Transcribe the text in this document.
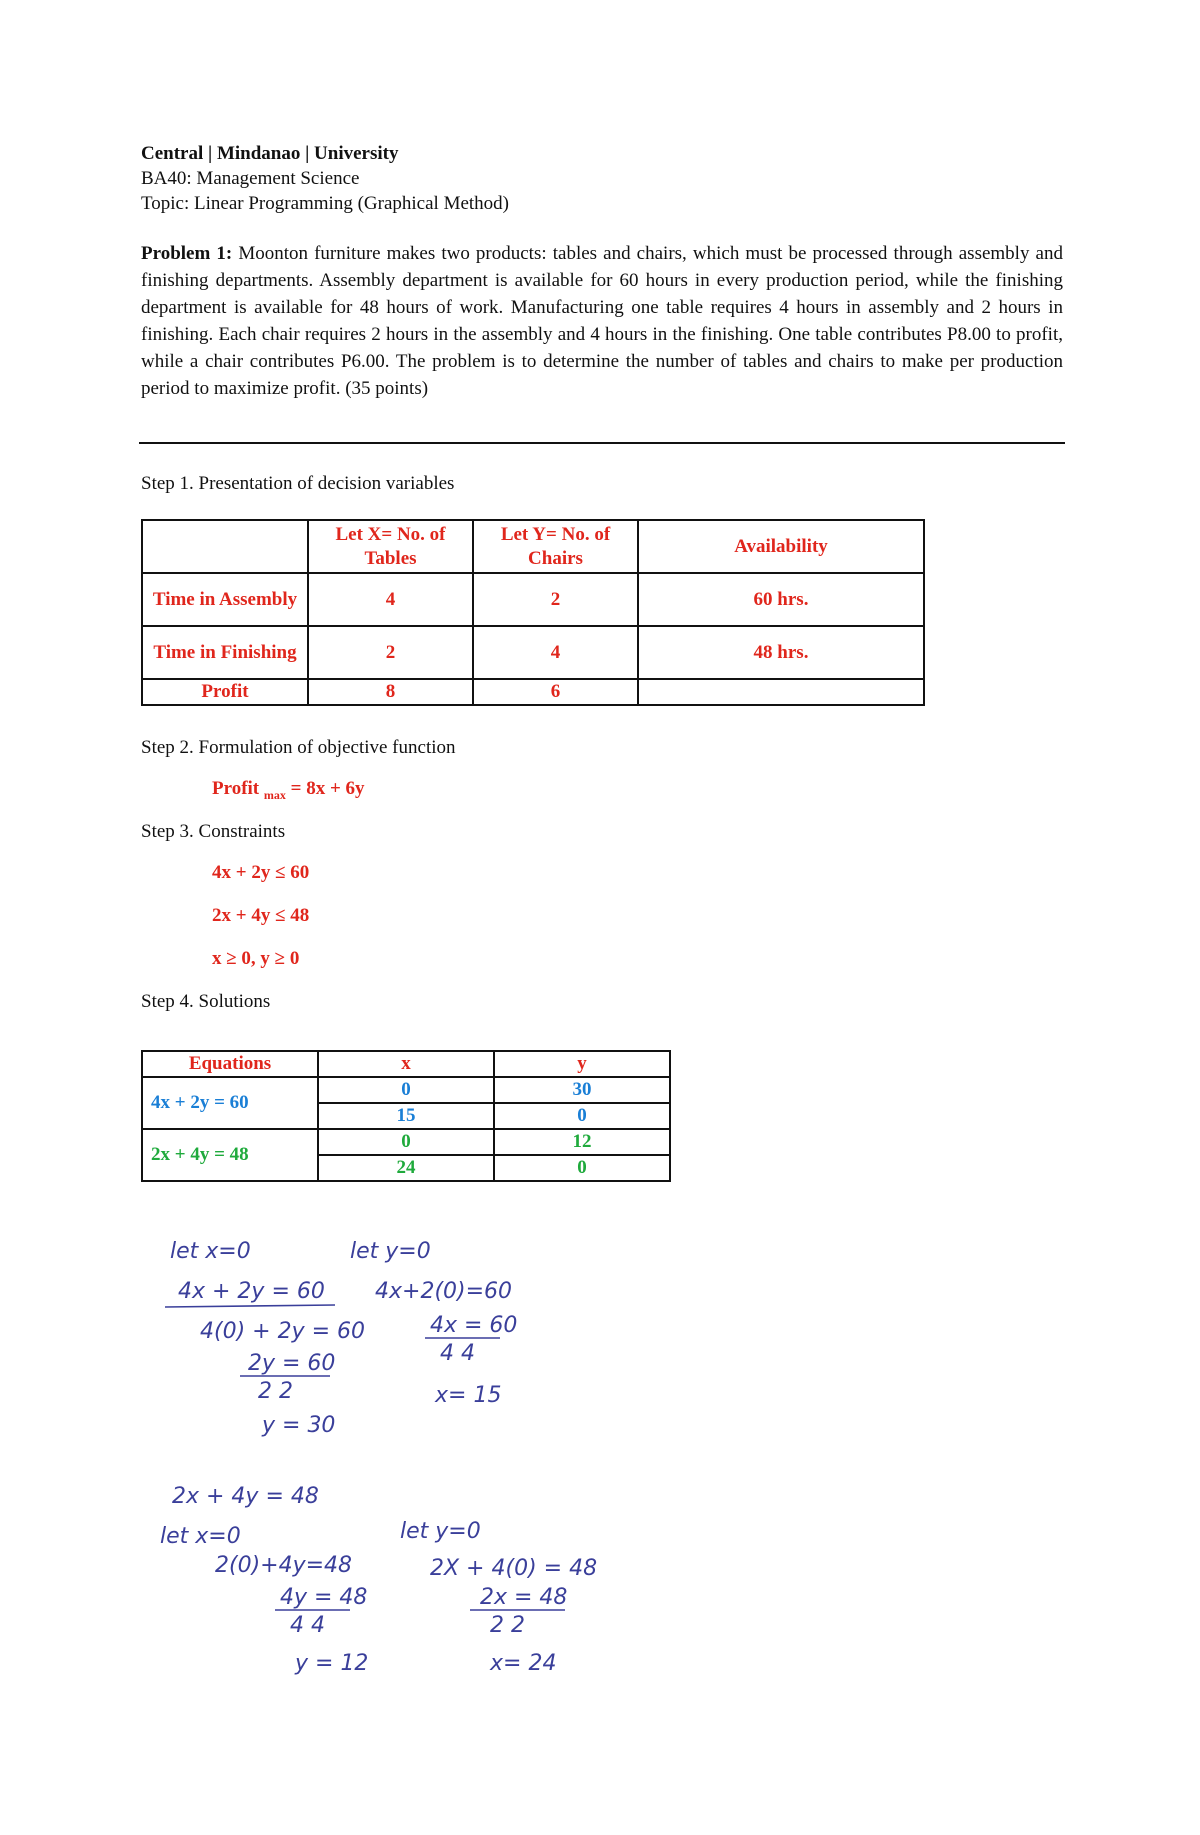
Central | Mindanao | University
BA40: Management Science
Topic: Linear Programming (Graphical Method)
Problem 1: Moonton furniture makes two products: tables and chairs, which must be processed through assembly and finishing departments. Assembly department is available for 60 hours in every production period, while the finishing department is available for 48 hours of work. Manufacturing one table requires 4 hours in assembly and 2 hours in finishing. Each chair requires 2 hours in the assembly and 4 hours in the finishing. One table contributes P8.00 to profit, while a chair contributes P6.00. The problem is to determine the number of tables and chairs to make per production period to maximize profit. (35 points)
Step 1. Presentation of decision variables
	Let X= No. of Tables	Let Y= No. of Chairs	Availability
Time in Assembly	4	2	60 hrs.
Time in Finishing	2	4	48 hrs.
Profit	8	6	
Step 2. Formulation of objective function
Profit $_{max}$ = 8x + 6y
Step 3. Constraints
4x + 2y ≤ 60
2x + 4y ≤ 48
x ≥ 0, y ≥ 0
Step 4. Solutions
Equations	x	y
4x + 2y = 60	0	30
	15	0
2x + 4y = 48	0	12
	24	0
let x=0
4x + 2y = 60
4(0) + 2y = 60
2y = 60
2 2
y = 30
let y=0
4x+2(0)=60
4x = 60
4 4
x= 15
2x + 4y = 48
let x=0
2(0)+4y=48
4y = 48
4 4
y = 12
let y=0
2X + 4(0) = 48
2x = 48
2 2
x= 24
